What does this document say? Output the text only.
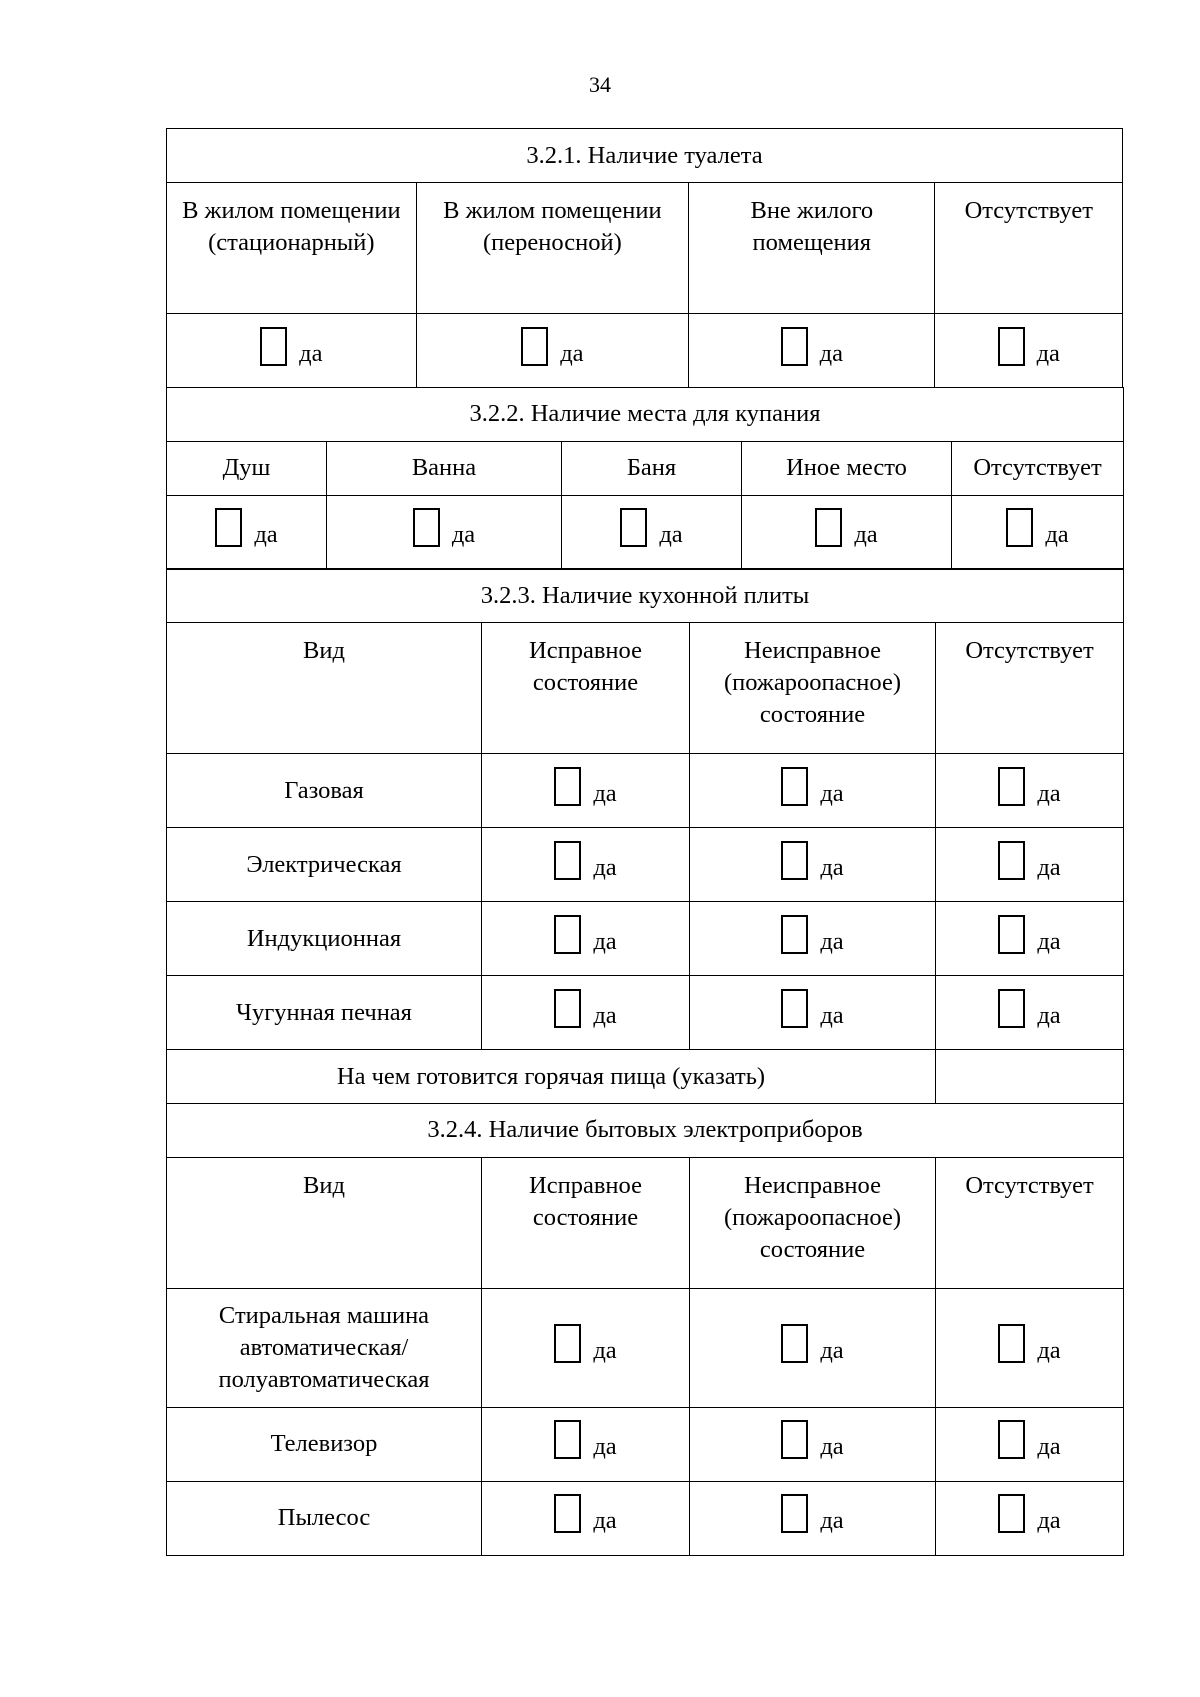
34
3.2.1. Наличие туалета			
В жилом помещении (стационарный)	В жилом помещении (переносной)	Вне жилого помещения	Отсутствует

да	да	да	да
3.2.2. Наличие места для купания				
Душ	Ванна	Баня	Иное место	Отсутствует

да	да	да	да	да
3.2.3. Наличие кухонной плиты			
Вид	Исправное состояние	Неисправное (пожароопасное) состояние	Отсутствует
Газовая	да	да	да

Электрическая	да	да	да

Индукционная	да	да	да

Чугунная печная	да	да	да

На чем готовится горячая пища (указать)			
3.2.4. Наличие бытовых электроприборов			
Вид	Исправное состояние	Неисправное (пожароопасное) состояние	Отсутствует
Стиральная машина автоматическая/ полуавтоматическая	да	да	да

Телевизор	да	да	да

Пылесос	да	да	да
